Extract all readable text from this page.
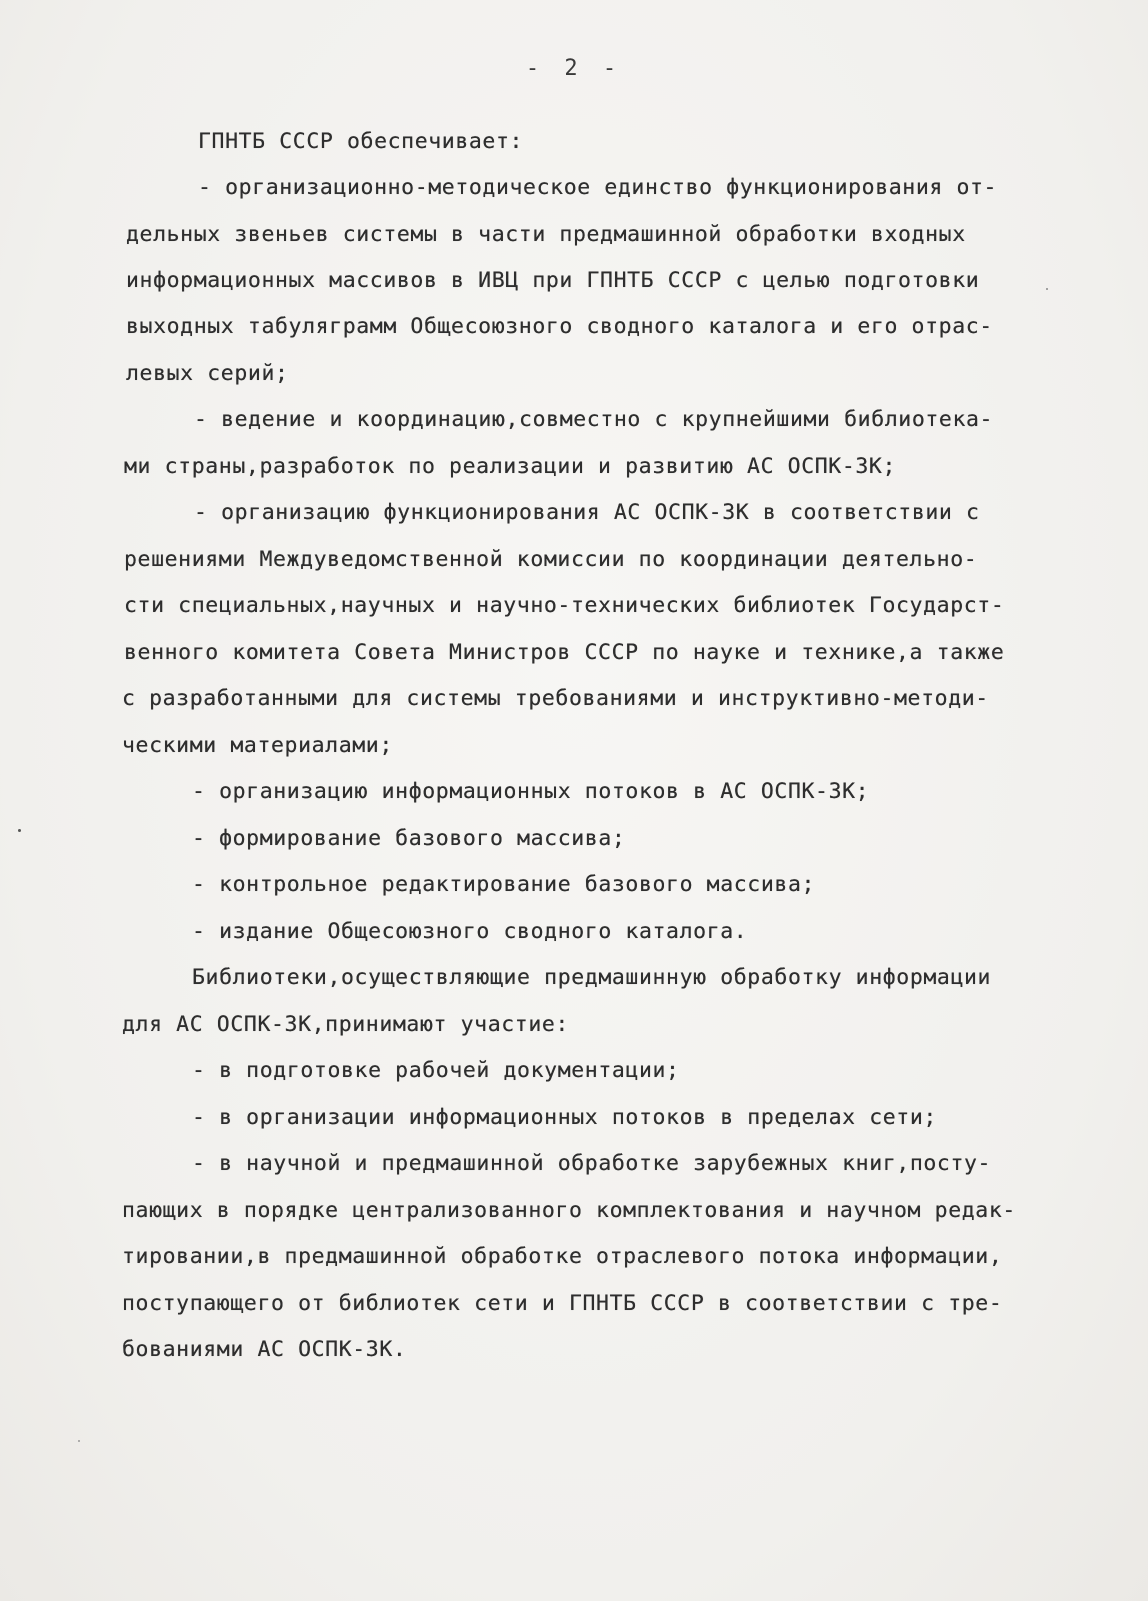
- 2 -
ГПНТБ СССР обеспечивает:
- организационно-методическое единство функционирования от-
дельных звеньев системы в части предмашинной обработки входных
информационных массивов в ИВЦ при ГПНТБ СССР с целью подготовки
выходных табуляграмм Общесоюзного сводного каталога и его отрас-
левых серий;
- ведение и координацию,совместно с крупнейшими библиотека-
ми страны,разработок по реализации и развитию АС ОСПК-ЗК;
- организацию функционирования АС ОСПК-ЗК в соответствии с
решениями Междуведомственной комиссии по координации деятельно-
сти специальных,научных и научно-технических библиотек Государст-
венного комитета Совета Министров СССР по науке и технике,а также
с разработанными для системы требованиями и инструктивно-методи-
ческими материалами;
- организацию информационных потоков в АС ОСПК-ЗК;
- формирование базового массива;
- контрольное редактирование базового массива;
- издание Общесоюзного сводного каталога.
Библиотеки,осуществляющие предмашинную обработку информации
для АС ОСПК-ЗК,принимают участие:
- в подготовке рабочей документации;
- в организации информационных потоков в пределах сети;
- в научной и предмашинной обработке зарубежных книг,посту-
пающих в порядке централизованного комплектования и научном редак-
тировании,в предмашинной обработке отраслевого потока информации,
поступающего от библиотек сети и ГПНТБ СССР в соответствии с тре-
бованиями АС ОСПК-ЗК.
